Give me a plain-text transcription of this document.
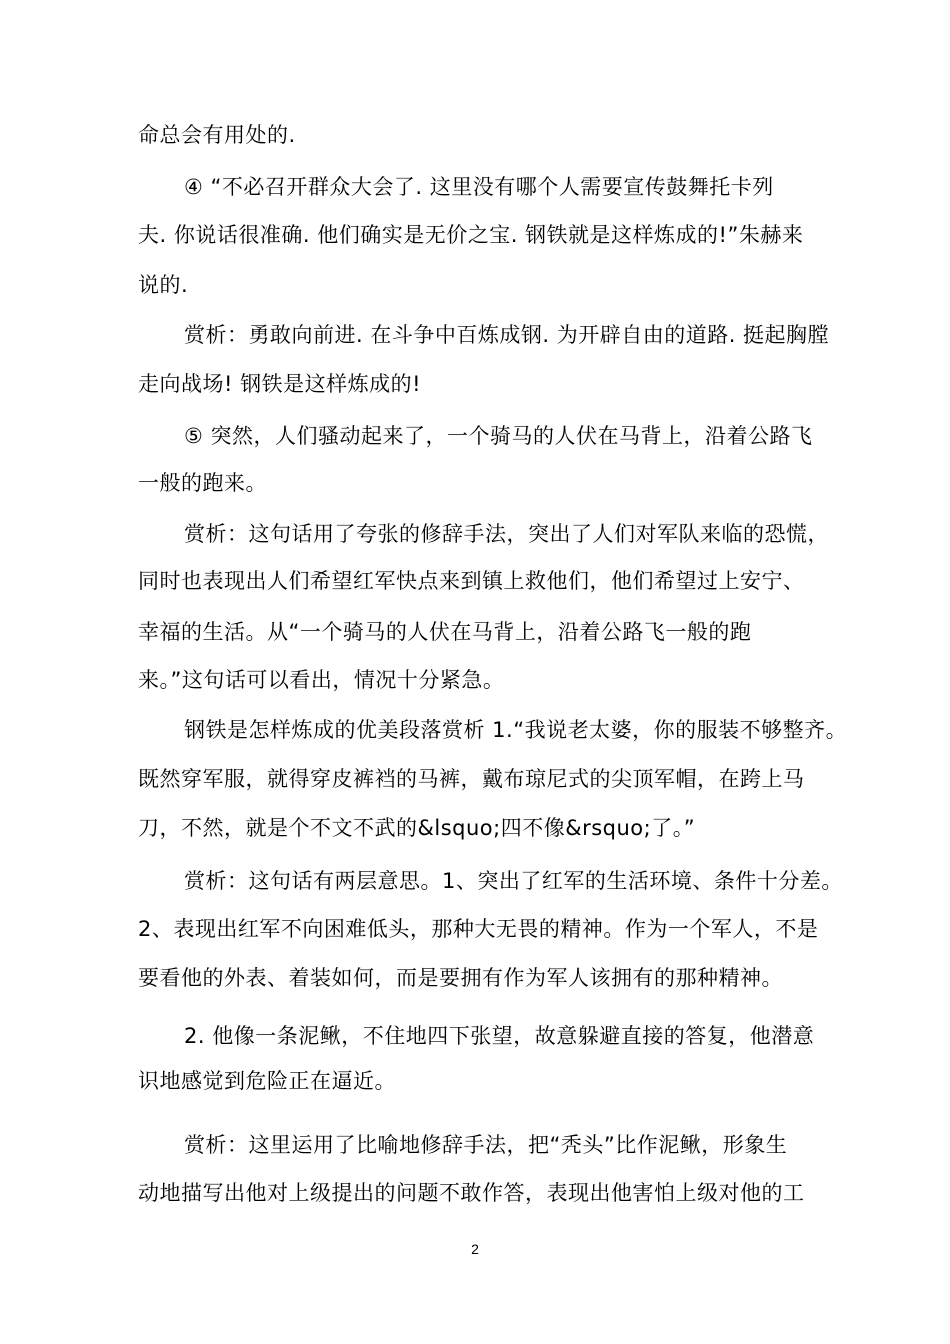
命总会有用处的.
④ “不必召开群众大会了. 这里没有哪个人需要宣传鼓舞托卡列
夫. 你说话很准确. 他们确实是无价之宝. 钢铁就是这样炼成的!”朱赫来
说的.
赏析：勇敢向前进. 在斗争中百炼成钢. 为开辟自由的道路. 挺起胸膛
走向战场! 钢铁是这样炼成的!
⑤ 突然，人们骚动起来了，一个骑马的人伏在马背上，沿着公路飞
一般的跑来。
赏析：这句话用了夸张的修辞手法，突出了人们对军队来临的恐慌，
同时也表现出人们希望红军快点来到镇上救他们，他们希望过上安宁、
幸福的生活。从“一个骑马的人伏在马背上，沿着公路飞一般的跑
来。”这句话可以看出，情况十分紧急。
钢铁是怎样炼成的优美段落赏析 1.“我说老太婆，你的服装不够整齐。
既然穿军服，就得穿皮裤裆的马裤，戴布琼尼式的尖顶军帽，在跨上马
刀，不然，就是个不文不武的&lsquo;四不像&rsquo;了。”
赏析：这句话有两层意思。1、突出了红军的生活环境、条件十分差。
2、表现出红军不向困难低头，那种大无畏的精神。作为一个军人，不是
要看他的外表、着装如何，而是要拥有作为军人该拥有的那种精神。
2. 他像一条泥鳅，不住地四下张望，故意躲避直接的答复，他潜意
识地感觉到危险正在逼近。
赏析：这里运用了比喻地修辞手法，把“秃头”比作泥鳅，形象生
动地描写出他对上级提出的问题不敢作答，表现出他害怕上级对他的工
2
